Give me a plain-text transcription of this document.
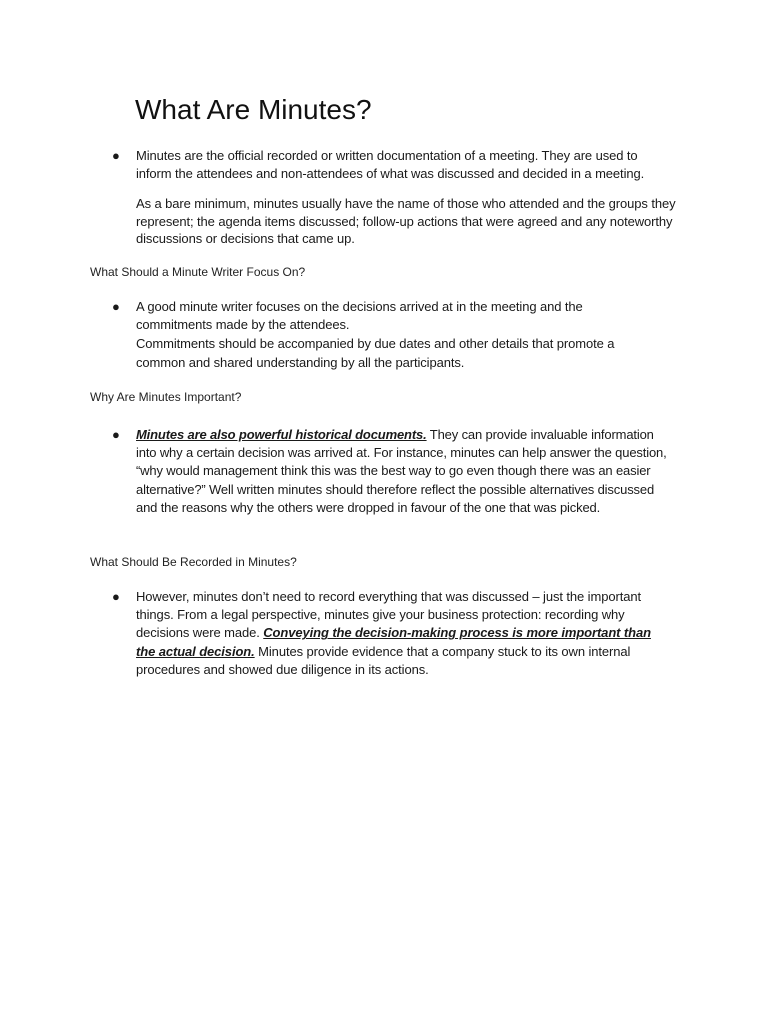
What Are Minutes?
● Minutes are the official recorded or written documentation of a meeting. They are used to inform the attendees and non-attendees of what was discussed and decided in a meeting.

As a bare minimum, minutes usually have the name of those who attended and the groups they represent; the agenda items discussed; follow-up actions that were agreed and any noteworthy discussions or decisions that came up.

What Should a Minute Writer Focus On?
● A good minute writer focuses on the decisions arrived at in the meeting and the commitments made by the attendees.

Commitments should be accompanied by due dates and other details that promote a common and shared understanding by all the participants.

Why Are Minutes Important?
● Minutes are also powerful historical documents. They can provide invaluable information into why a certain decision was arrived at. For instance, minutes can help answer the question, “why would management think this was the best way to go even though there was an easier alternative?” Well written minutes should therefore reflect the possible alternatives discussed and the reasons why the others were dropped in favour of the one that was picked.

What Should Be Recorded in Minutes?
● However, minutes don’t need to record everything that was discussed – just the important things. From a legal perspective, minutes give your business protection: recording why decisions were made. Conveying the decision-making process is more important than the actual decision. Minutes provide evidence that a company stuck to its own internal procedures and showed due diligence in its actions.
